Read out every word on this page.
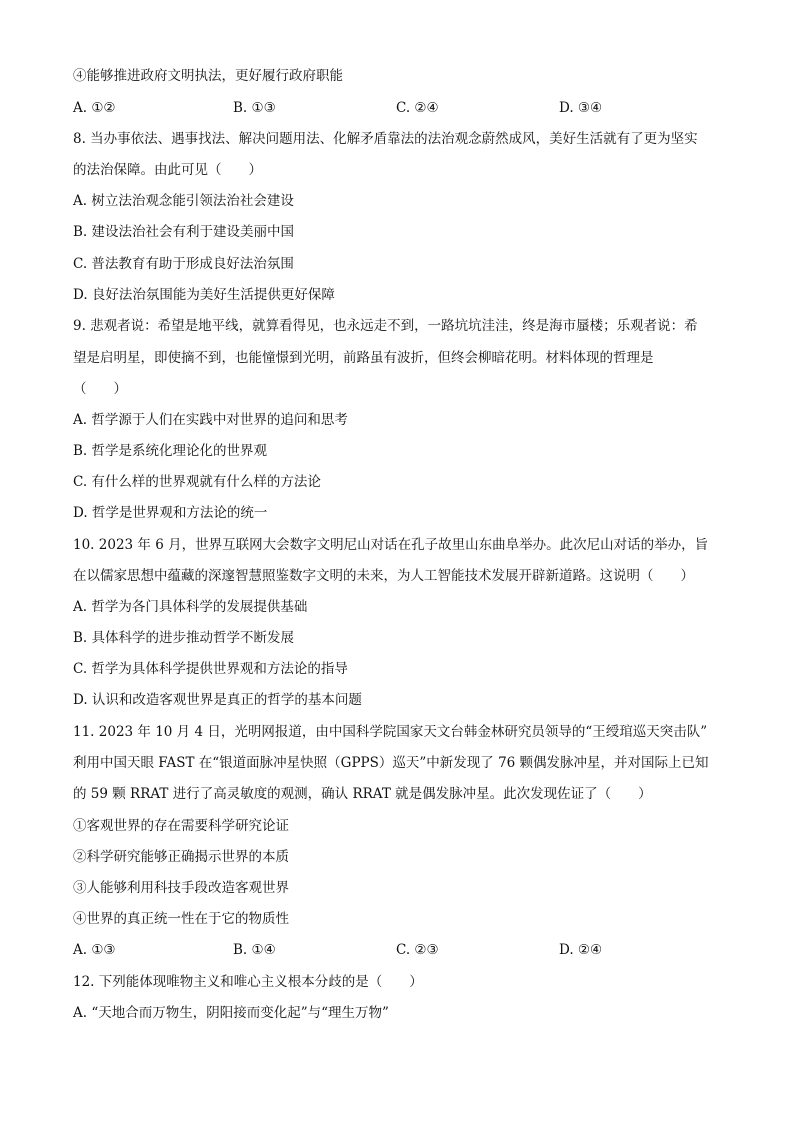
④能够推进政府文明执法，更好履行政府职能
A. ①②	B. ①③	C. ②④	D. ③④
8. 当办事依法、遇事找法、解决问题用法、化解矛盾靠法的法治观念蔚然成风，美好生活就有了更为坚实
的法治保障。由此可见（　　）
A. 树立法治观念能引领法治社会建设
B. 建设法治社会有利于建设美丽中国
C. 普法教育有助于形成良好法治氛围
D. 良好法治氛围能为美好生活提供更好保障
9. 悲观者说：希望是地平线，就算看得见，也永远走不到，一路坑坑洼洼，终是海市蜃楼；乐观者说：希
望是启明星，即使摘不到，也能憧憬到光明，前路虽有波折，但终会柳暗花明。材料体现的哲理是
（　　）
A. 哲学源于人们在实践中对世界的追问和思考
B. 哲学是系统化理论化的世界观
C. 有什么样的世界观就有什么样的方法论
D. 哲学是世界观和方法论的统一
10. 2023 年 6 月，世界互联网大会数字文明尼山对话在孔子故里山东曲阜举办。此次尼山对话的举办，旨
在以儒家思想中蕴藏的深邃智慧照鉴数字文明的未来，为人工智能技术发展开辟新道路。这说明（　　）
A. 哲学为各门具体科学的发展提供基础
B. 具体科学的进步推动哲学不断发展
C. 哲学为具体科学提供世界观和方法论的指导
D. 认识和改造客观世界是真正的哲学的基本问题
11. 2023 年 10 月 4 日，光明网报道，由中国科学院国家天文台韩金林研究员领导的“王绶琯巡天突击队”
利用中国天眼 FAST 在“银道面脉冲星快照（GPPS）巡天”中新发现了 76 颗偶发脉冲星，并对国际上已知
的 59 颗 RRAT 进行了高灵敏度的观测，确认 RRAT 就是偶发脉冲星。此次发现佐证了（　　）
①客观世界的存在需要科学研究论证
②科学研究能够正确揭示世界的本质
③人能够利用科技手段改造客观世界
④世界的真正统一性在于它的物质性
A. ①③	B. ①④	C. ②③	D. ②④
12. 下列能体现唯物主义和唯心主义根本分歧的是（　　）
A. “天地合而万物生，阴阳接而变化起”与“理生万物”
